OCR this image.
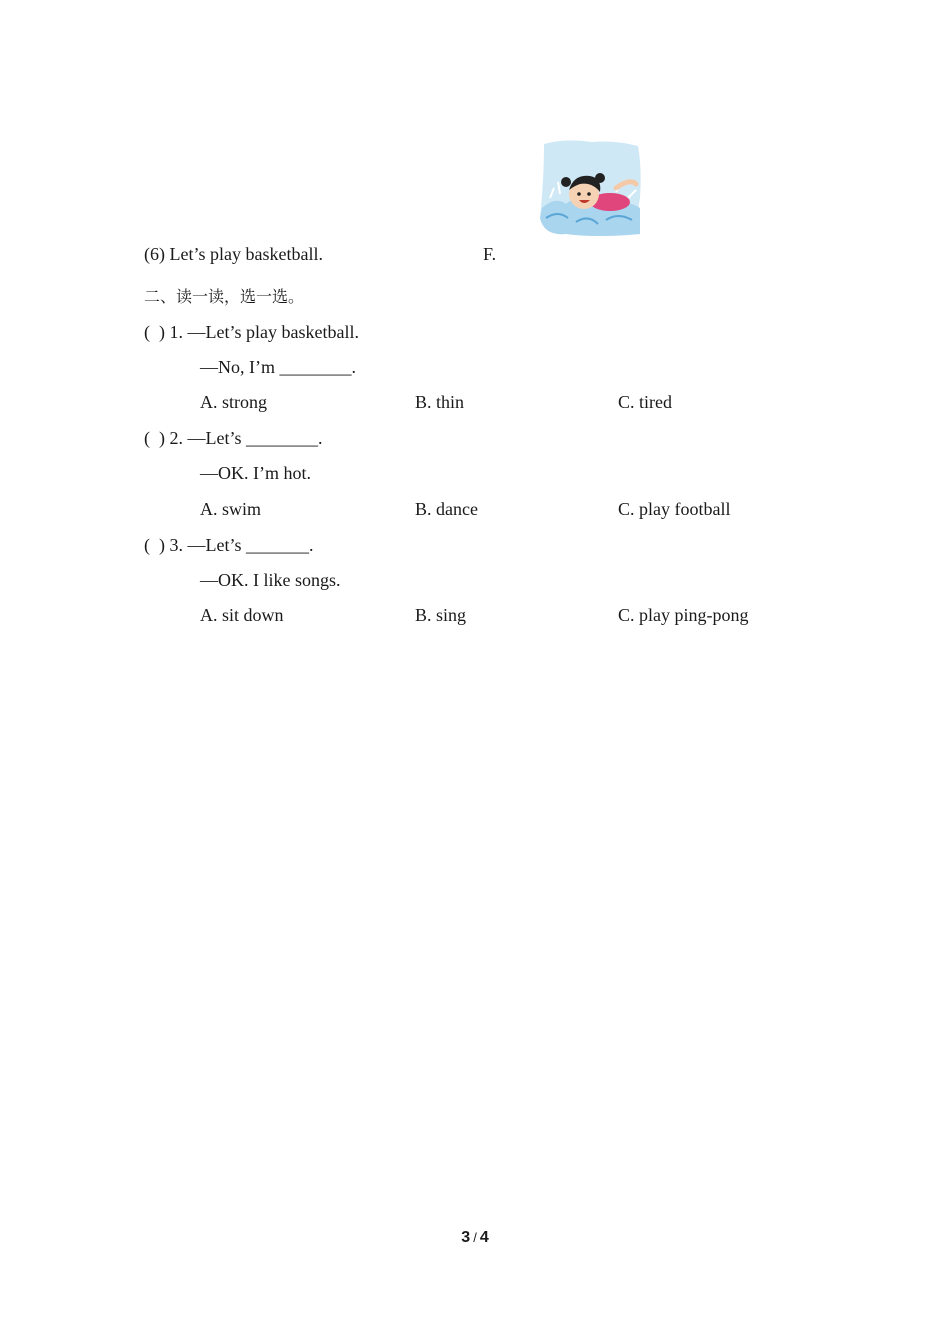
(6) Let’s play basketball.	F.
二、读一读，选一选。
(  ) 1. —Let’s play basketball.
—No, I’m ________.
A. strong	B. thin	C. tired
(  ) 2. —Let’s ________.
—OK. I’m hot.
A. swim	B. dance	C. play football
(  ) 3. —Let’s _______.
—OK. I like songs.
A. sit down	B. sing	C. play ping-pong
3 / 4
